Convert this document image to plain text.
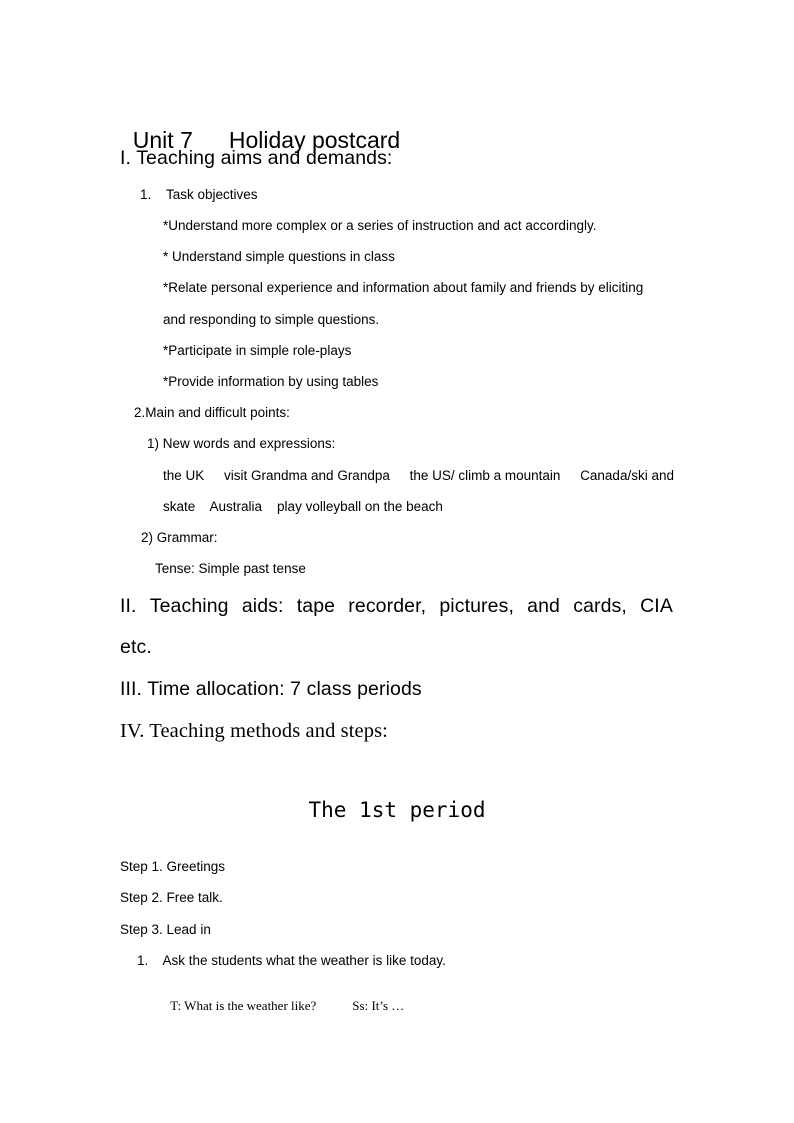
Unit 7 Holiday postcard

I. Teaching aims and demands:
1.    Task objectives
*Understand more complex or a series of instruction and act accordingly.
* Understand simple questions in class
*Relate personal experience and information about family and friends by eliciting
and responding to simple questions.
*Participate in simple role-plays
*Provide information by using tables
2.Main and difficult points:
1) New words and expressions:
the UK visit Grandma and Grandpa the US/ climb a mountain Canada/ski and
skate    Australia    play volleyball on the beach
2) Grammar:
Tense: Simple past tense
II. Teaching aids: tape recorder, pictures, and cards, CIA
etc.
III. Time allocation: 7 class periods
IV. Teaching methods and steps:
The 1st period
Step 1. Greetings
Step 2. Free talk.
Step 3. Lead in
1.    Ask the students what the weather is like today.

T: What is the weather like?	Ss: It’s …
